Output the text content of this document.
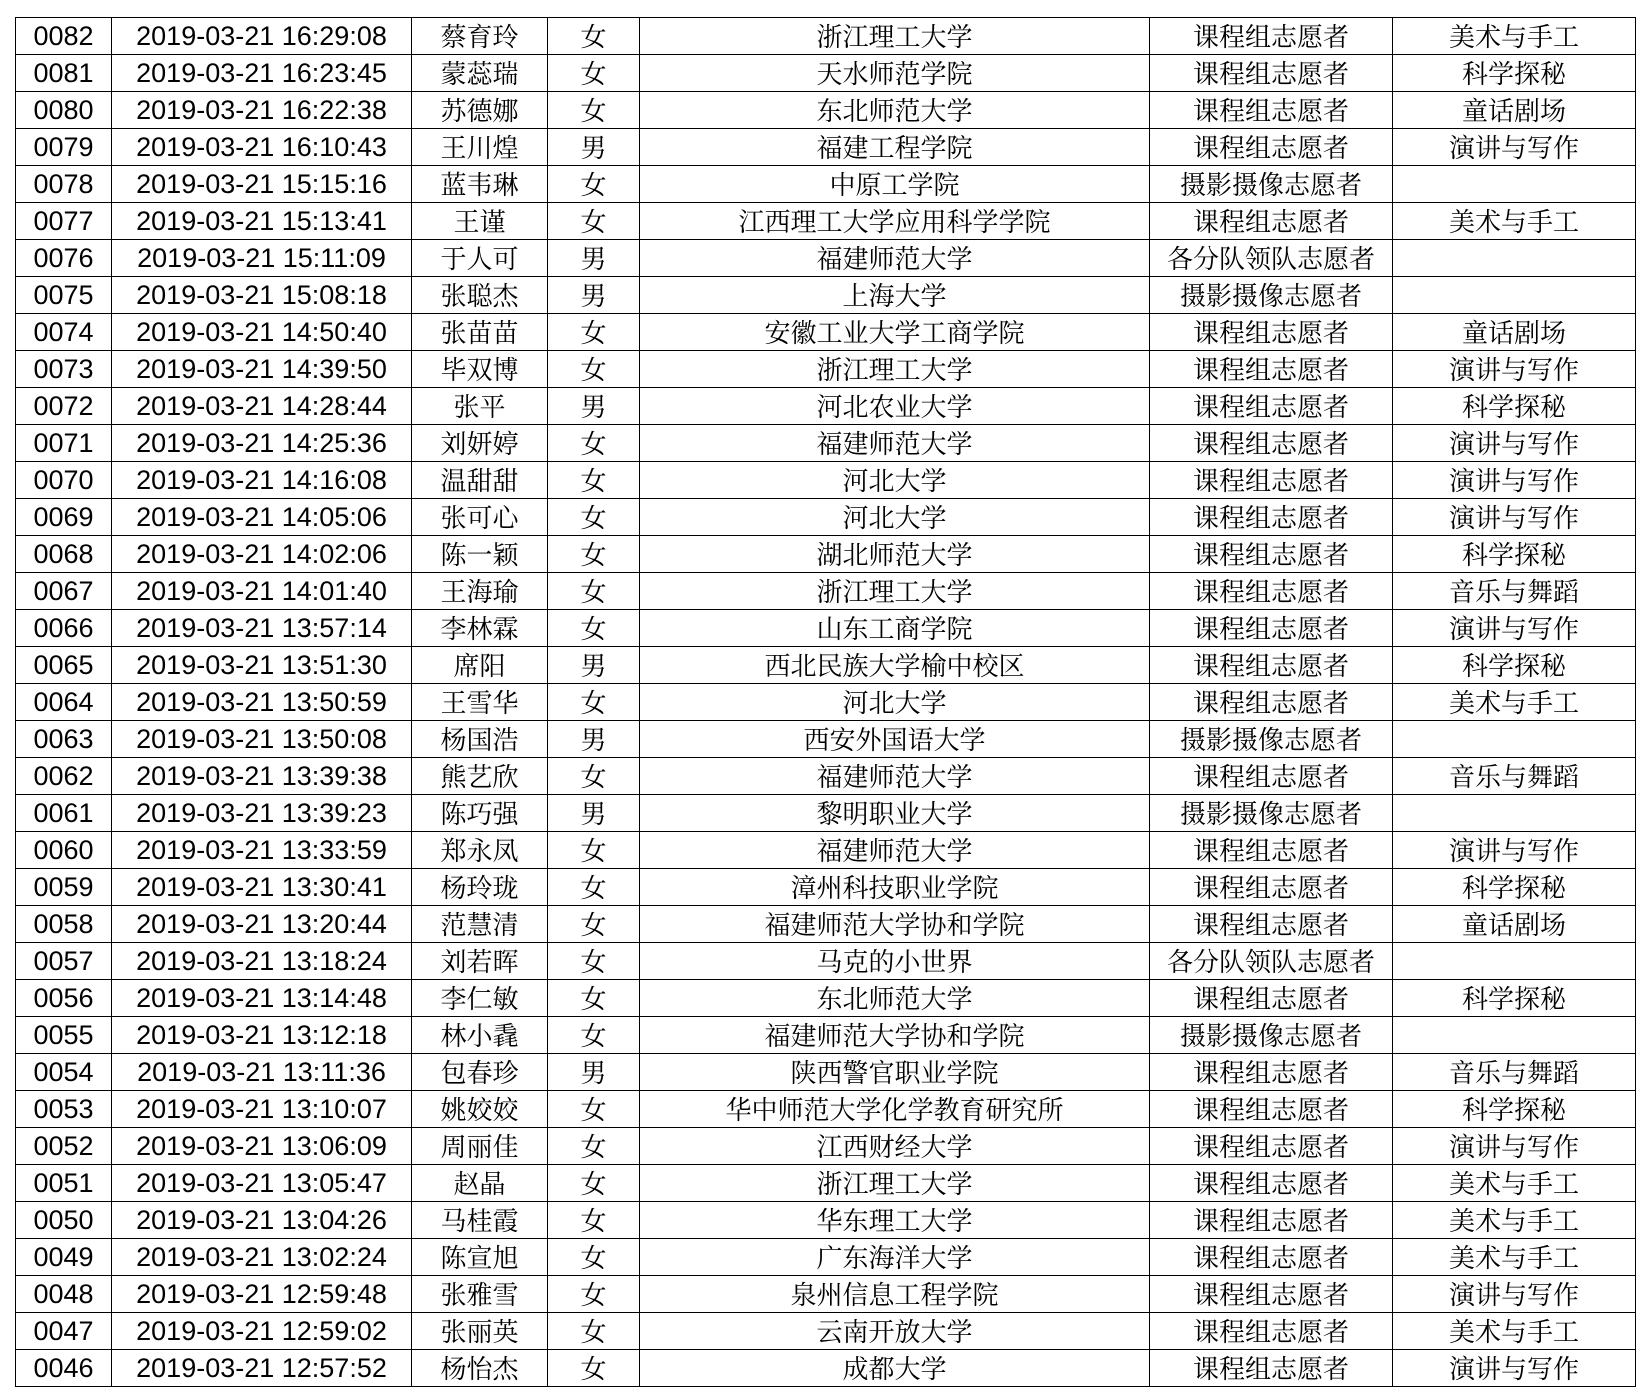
0082	2019-03-21 16:29:08	蔡育玲	女	浙江理工大学	课程组志愿者	美术与手工
0081	2019-03-21 16:23:45	蒙蕊瑞	女	天水师范学院	课程组志愿者	科学探秘
0080	2019-03-21 16:22:38	苏德娜	女	东北师范大学	课程组志愿者	童话剧场
0079	2019-03-21 16:10:43	王川煌	男	福建工程学院	课程组志愿者	演讲与写作
0078	2019-03-21 15:15:16	蓝韦琳	女	中原工学院	摄影摄像志愿者	
0077	2019-03-21 15:13:41	王谨	女	江西理工大学应用科学学院	课程组志愿者	美术与手工
0076	2019-03-21 15:11:09	于人可	男	福建师范大学	各分队领队志愿者	
0075	2019-03-21 15:08:18	张聪杰	男	上海大学	摄影摄像志愿者	
0074	2019-03-21 14:50:40	张苗苗	女	安徽工业大学工商学院	课程组志愿者	童话剧场
0073	2019-03-21 14:39:50	毕双博	女	浙江理工大学	课程组志愿者	演讲与写作
0072	2019-03-21 14:28:44	张平	男	河北农业大学	课程组志愿者	科学探秘
0071	2019-03-21 14:25:36	刘妍婷	女	福建师范大学	课程组志愿者	演讲与写作
0070	2019-03-21 14:16:08	温甜甜	女	河北大学	课程组志愿者	演讲与写作
0069	2019-03-21 14:05:06	张可心	女	河北大学	课程组志愿者	演讲与写作
0068	2019-03-21 14:02:06	陈一颖	女	湖北师范大学	课程组志愿者	科学探秘
0067	2019-03-21 14:01:40	王海瑜	女	浙江理工大学	课程组志愿者	音乐与舞蹈
0066	2019-03-21 13:57:14	李林霖	女	山东工商学院	课程组志愿者	演讲与写作
0065	2019-03-21 13:51:30	席阳	男	西北民族大学榆中校区	课程组志愿者	科学探秘
0064	2019-03-21 13:50:59	王雪华	女	河北大学	课程组志愿者	美术与手工
0063	2019-03-21 13:50:08	杨国浩	男	西安外国语大学	摄影摄像志愿者	
0062	2019-03-21 13:39:38	熊艺欣	女	福建师范大学	课程组志愿者	音乐与舞蹈
0061	2019-03-21 13:39:23	陈巧强	男	黎明职业大学	摄影摄像志愿者	
0060	2019-03-21 13:33:59	郑永凤	女	福建师范大学	课程组志愿者	演讲与写作
0059	2019-03-21 13:30:41	杨玲珑	女	漳州科技职业学院	课程组志愿者	科学探秘
0058	2019-03-21 13:20:44	范慧清	女	福建师范大学协和学院	课程组志愿者	童话剧场
0057	2019-03-21 13:18:24	刘若晖	女	马克的小世界	各分队领队志愿者	
0056	2019-03-21 13:14:48	李仁敏	女	东北师范大学	课程组志愿者	科学探秘
0055	2019-03-21 13:12:18	林小毳	女	福建师范大学协和学院	摄影摄像志愿者	
0054	2019-03-21 13:11:36	包春珍	男	陕西警官职业学院	课程组志愿者	音乐与舞蹈
0053	2019-03-21 13:10:07	姚姣姣	女	华中师范大学化学教育研究所	课程组志愿者	科学探秘
0052	2019-03-21 13:06:09	周丽佳	女	江西财经大学	课程组志愿者	演讲与写作
0051	2019-03-21 13:05:47	赵晶	女	浙江理工大学	课程组志愿者	美术与手工
0050	2019-03-21 13:04:26	马桂霞	女	华东理工大学	课程组志愿者	美术与手工
0049	2019-03-21 13:02:24	陈宣旭	女	广东海洋大学	课程组志愿者	美术与手工
0048	2019-03-21 12:59:48	张雅雪	女	泉州信息工程学院	课程组志愿者	演讲与写作
0047	2019-03-21 12:59:02	张丽英	女	云南开放大学	课程组志愿者	美术与手工
0046	2019-03-21 12:57:52	杨怡杰	女	成都大学	课程组志愿者	演讲与写作
